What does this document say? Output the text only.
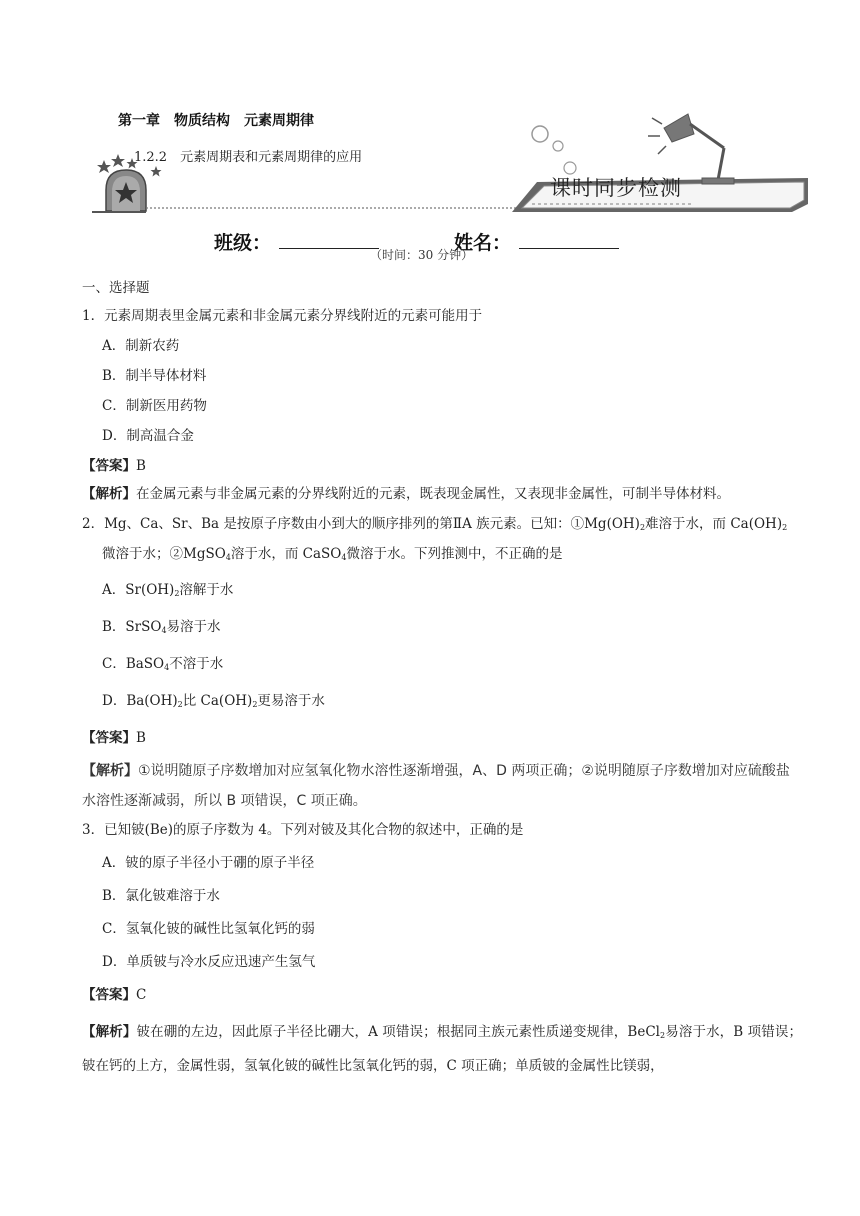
第一章　物质结构　元素周期律
1.2.2　元素周期表和元素周期律的应用
课时同步检测
班级：	姓名：
（时间：30 分钟）
一、选择题
1．元素周期表里金属元素和非金属元素分界线附近的元素可能用于
A．制新农药
B．制半导体材料
C．制新医用药物
D．制高温合金
【答案】B
【解析】在金属元素与非金属元素的分界线附近的元素，既表现金属性，又表现非金属性，可制半导体材料。
2．Mg、Ca、Sr、Ba 是按原子序数由小到大的顺序排列的第ⅡA 族元素。已知：$①Mg(OH)_2$难溶于水，而 $Ca(OH)_2$
微溶于水；②MgSO$_4$溶于水，而 CaSO$_4$微溶于水。下列推测中，不正确的是
A．$Sr(OH)_2$溶解于水
B．SrSO$_4$易溶于水
C．BaSO$_4$不溶于水
D．$Ba(OH)_2$比 $Ca(OH)_2$更易溶于水
【答案】B
【解析】①说明随原子序数增加对应氢氧化物水溶性逐渐增强，A、D 两项正确；②说明随原子序数增加对应硫酸盐水溶性逐渐减弱，所以 B 项错误，C 项正确。
3．已知铍(Be)的原子序数为 4。下列对铍及其化合物的叙述中，正确的是
A．铍的原子半径小于硼的原子半径
B．氯化铍难溶于水
C．氢氧化铍的碱性比氢氧化钙的弱
D．单质铍与冷水反应迅速产生氢气
【答案】C
【解析】铍在硼的左边，因此原子半径比硼大，A 项错误；根据同主族元素性质递变规律，BeCl$_2$易溶于水，B 项错误；铍在钙的上方，金属性弱，氢氧化铍的碱性比氢氧化钙的弱，C 项正确；单质铍的金属性比镁弱，
